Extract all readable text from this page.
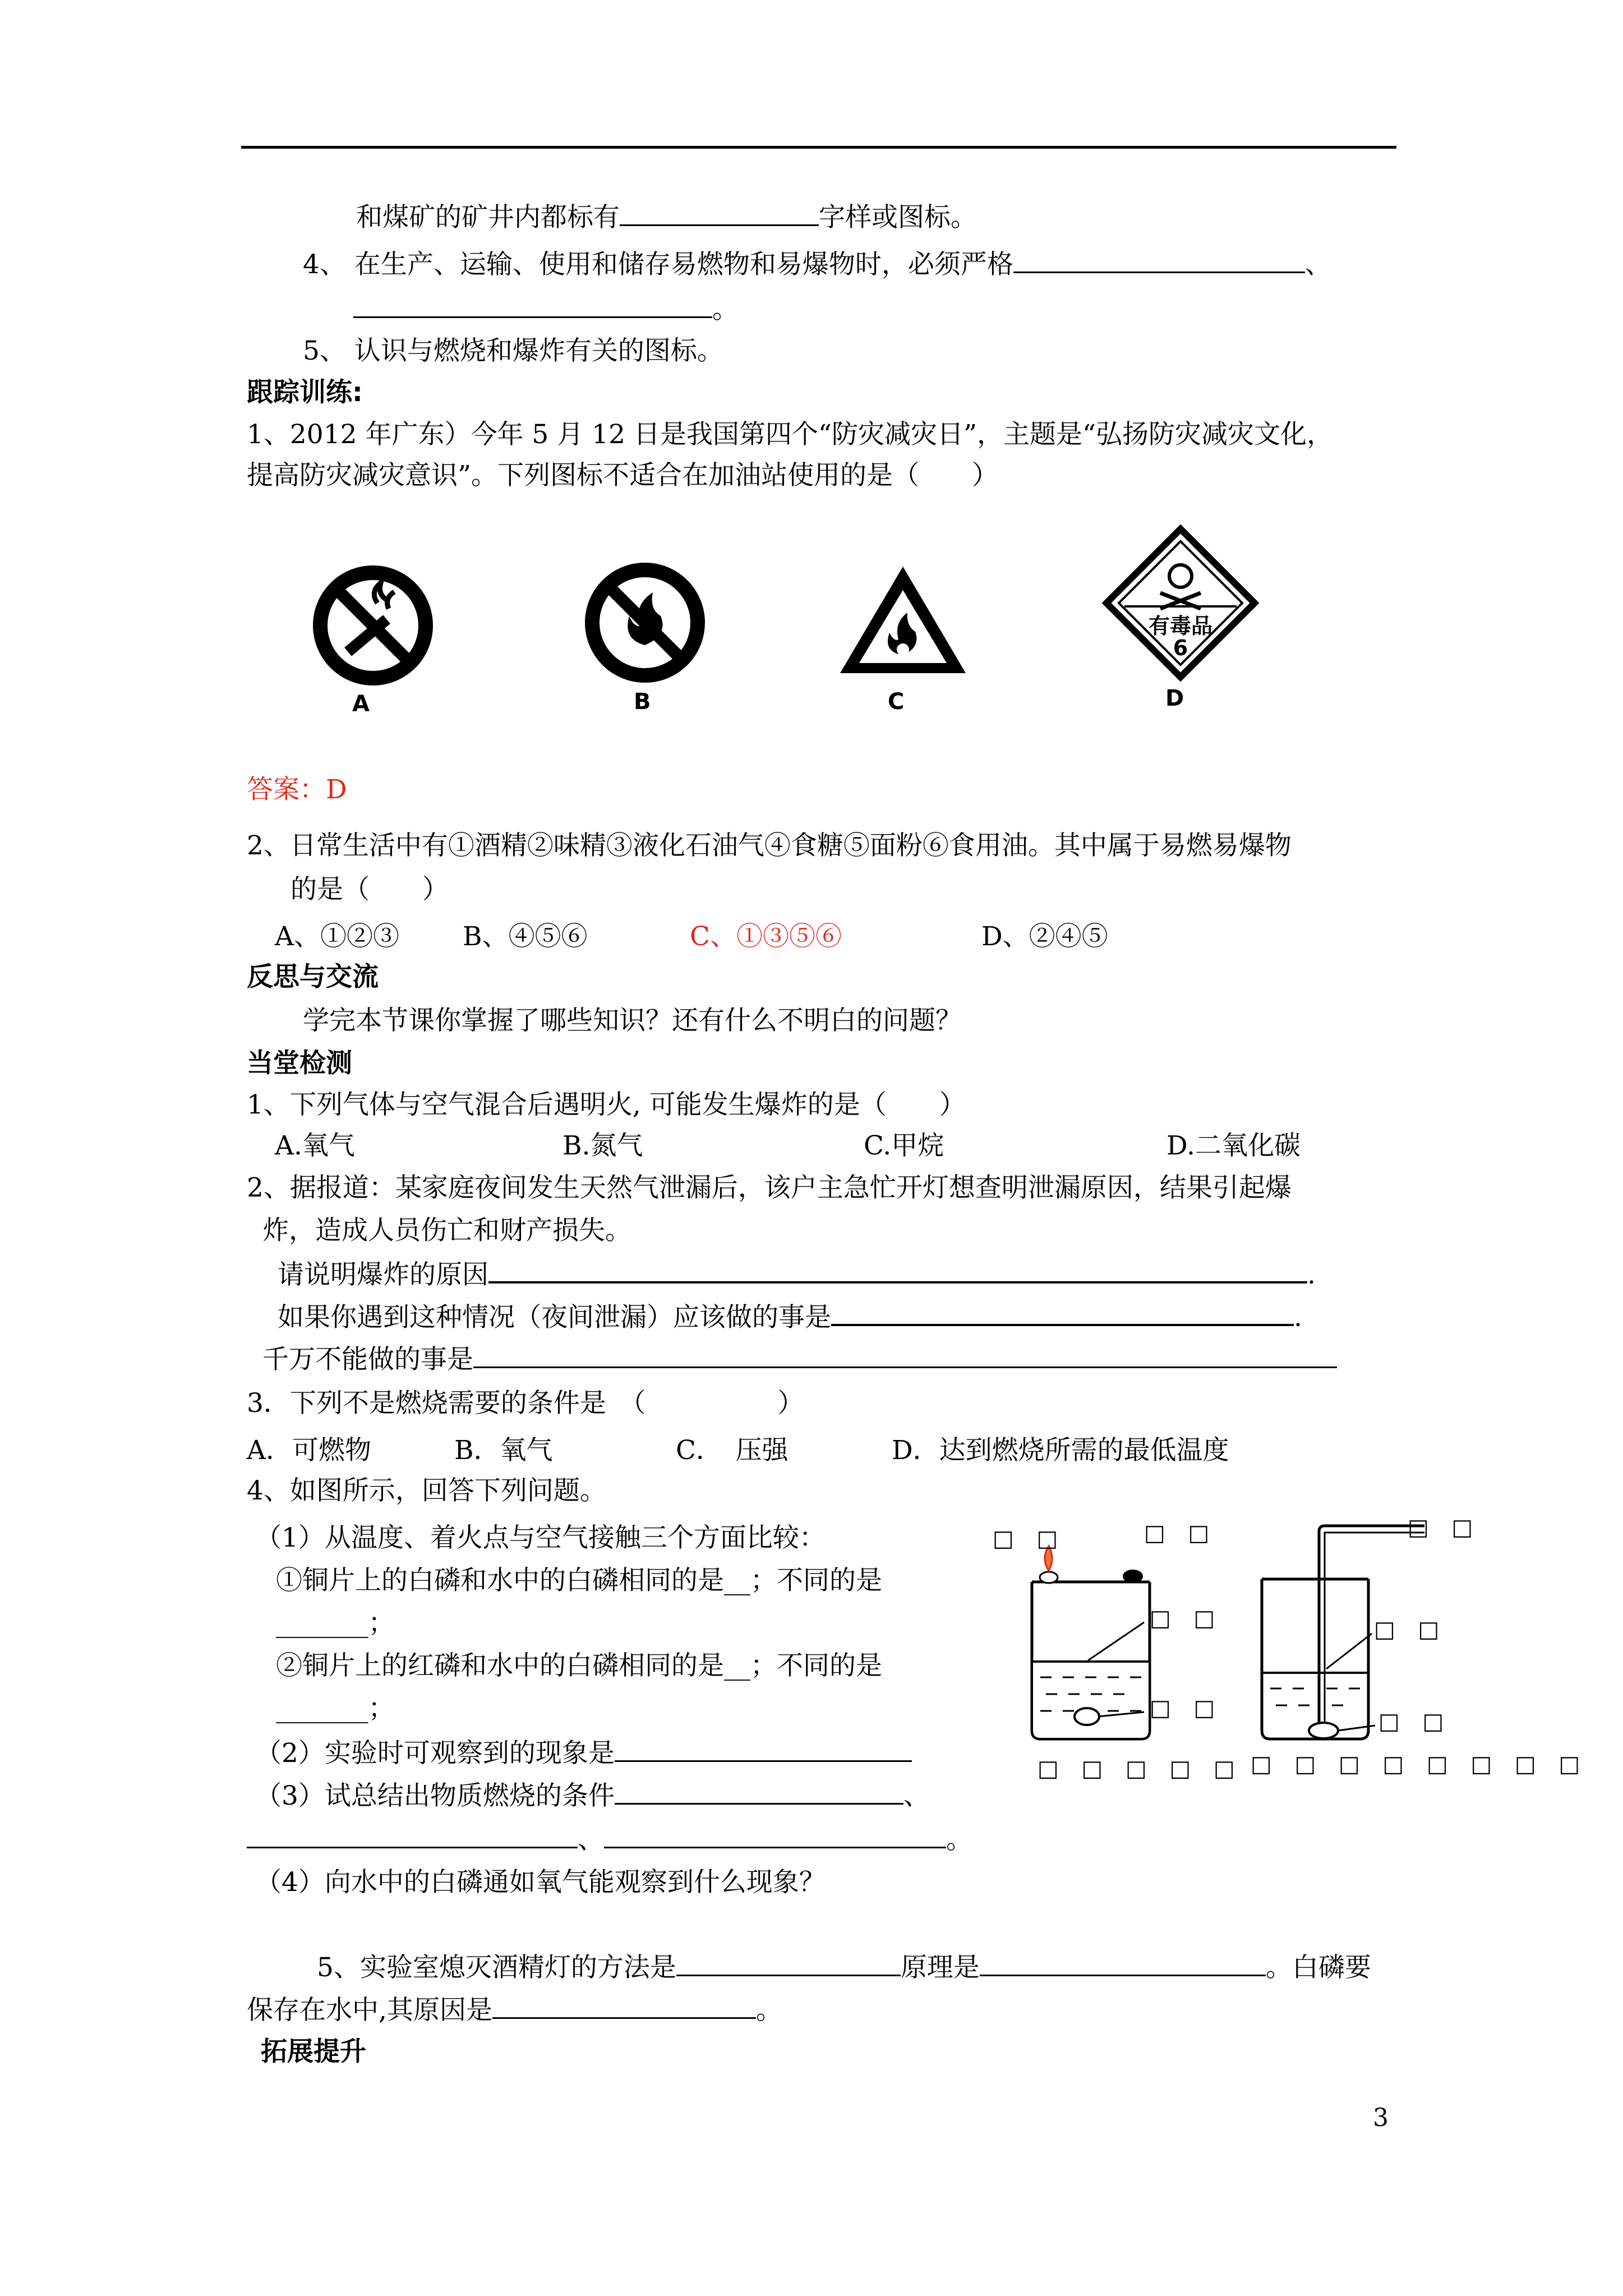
和煤矿的矿井内都标有	字样或图标。
4、 在生产、运输、使用和储存易燃物和易爆物时，必须严格	、
。
5、 认识与燃烧和爆炸有关的图标。
跟踪训练:
1、2012 年广东）今年 5 月 12 日是我国第四个“防灾减灾日”，主题是“弘扬防灾减灾文化，
提高防灾减灾意识”。下列图标不适合在加油站使用的是（　　）
A	B	C
有毒品
6
D
答案：D
2、日常生活中有①酒精②味精③液化石油气④食糖⑤面粉⑥食用油。其中属于易燃易爆物
的是（　　）
A、①②③ B、④⑤⑥	C、①③⑤⑥	D、②④⑤
反思与交流
学完本节课你掌握了哪些知识？还有什么不明白的问题？
当堂检测
1、下列气体与空气混合后遇明火, 可能发生爆炸的是（　　）
A.氧气	B.氮气	C.甲烷	D.二氧化碳
2、据报道：某家庭夜间发生天然气泄漏后，该户主急忙开灯想查明泄漏原因，结果引起爆
炸，造成人员伤亡和财产损失。
请说明爆炸的原因	.
如果你遇到这种情况（夜间泄漏）应该做的事是	.
千万不能做的事是
3．下列不是燃烧需要的条件是　（　　　　　）
A．可燃物	B．氧气	C．　压强	D．达到燃烧所需的最低温度
4、如图所示，回答下列问题。
（1）从温度、着火点与空气接触三个方面比较：
①铜片上的白磷和水中的白磷相同的是__；不同的是
_______；
②铜片上的红磷和水中的白磷相同的是__；不同的是
_______；
（2）实验时可观察到的现象是
（3）试总结出物质燃烧的条件	、
、	。
（4）向水中的白磷通如氧气能观察到什么现象？
5、实验室熄灭酒精灯的方法是	原理是	。白磷要
保存在水中,其原因是	。
拓展提升
□ □	□ □
□ □
□ □
□ □ □ □ □
□ □
□ □
□ □
□ □ □ □ □ □ □ □
3
